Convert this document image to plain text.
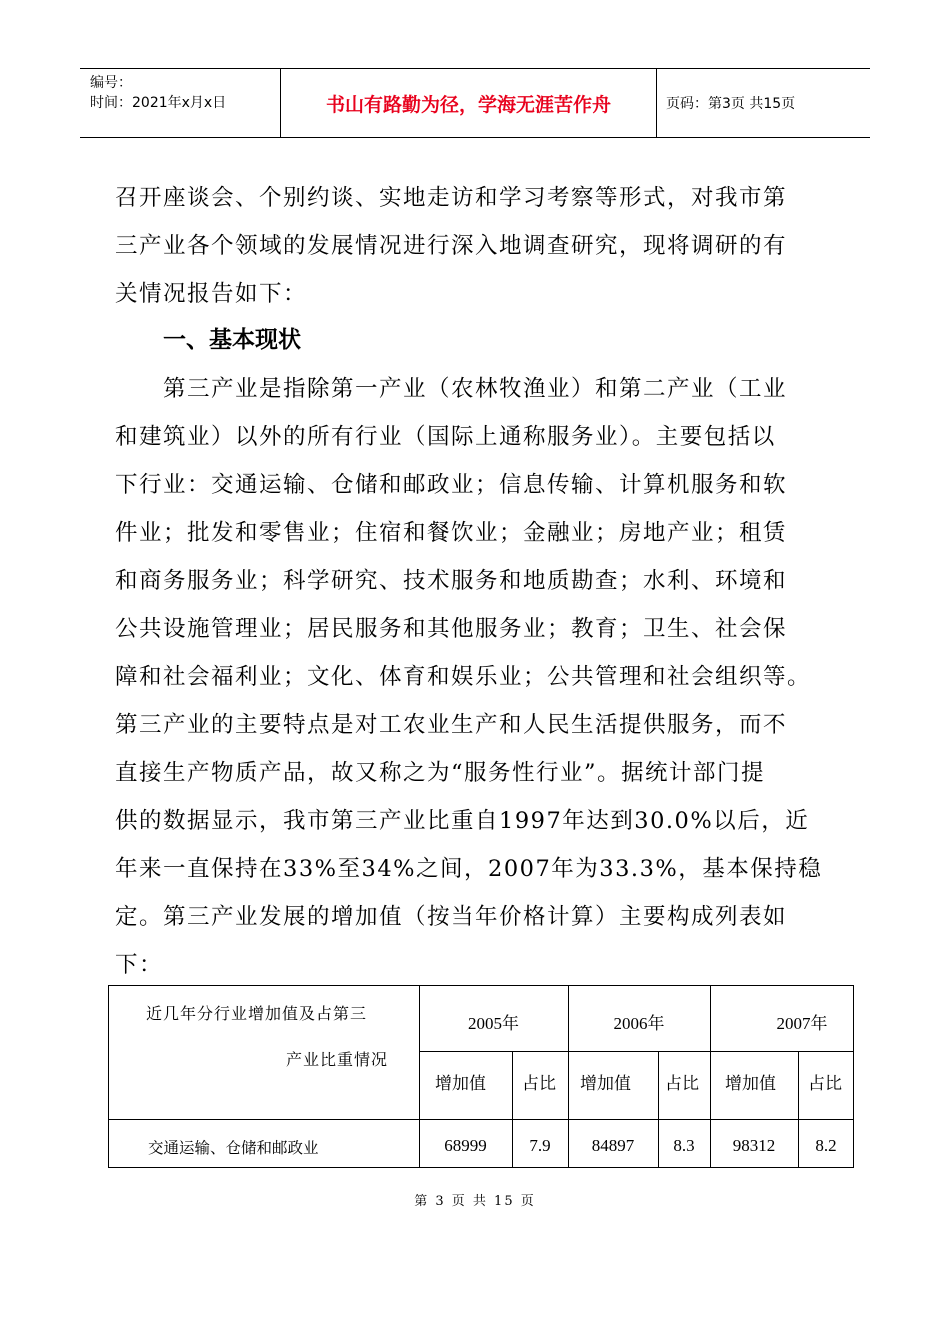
编号：
时间：2021年x月x日	书山有路勤为径，学海无涯苦作舟	页码：第3页 共15页
召开座谈会、个别约谈、实地走访和学习考察等形式，对我市第
三产业各个领域的发展情况进行深入地调查研究，现将调研的有
关情况报告如下：
一、基本现状
　　第三产业是指除第一产业（农林牧渔业）和第二产业（工业
和建筑业）以外的所有行业（国际上通称服务业）。主要包括以
下行业：交通运输、仓储和邮政业；信息传输、计算机服务和软
件业；批发和零售业；住宿和餐饮业；金融业；房地产业；租赁
和商务服务业；科学研究、技术服务和地质勘查；水利、环境和
公共设施管理业；居民服务和其他服务业；教育；卫生、社会保
障和社会福利业；文化、体育和娱乐业；公共管理和社会组织等。
第三产业的主要特点是对工农业生产和人民生活提供服务，而不
直接生产物质产品，故又称之为“服务性行业”。据统计部门提
供的数据显示，我市第三产业比重自1997年达到30.0%以后，近
年来一直保持在33%至34%之间，2007年为33.3%，基本保持稳
定。第三产业发展的增加值（按当年价格计算）主要构成列表如
下：
近几年分行业增加值及占第三
产业比重情况
2005年	2006年	2007年
增加值 占比 增加值 占比 增加值 占比
交通运输、仓储和邮政业	68999	7.9	84897	8.3	98312	8.2
第 3 页 共 15 页
